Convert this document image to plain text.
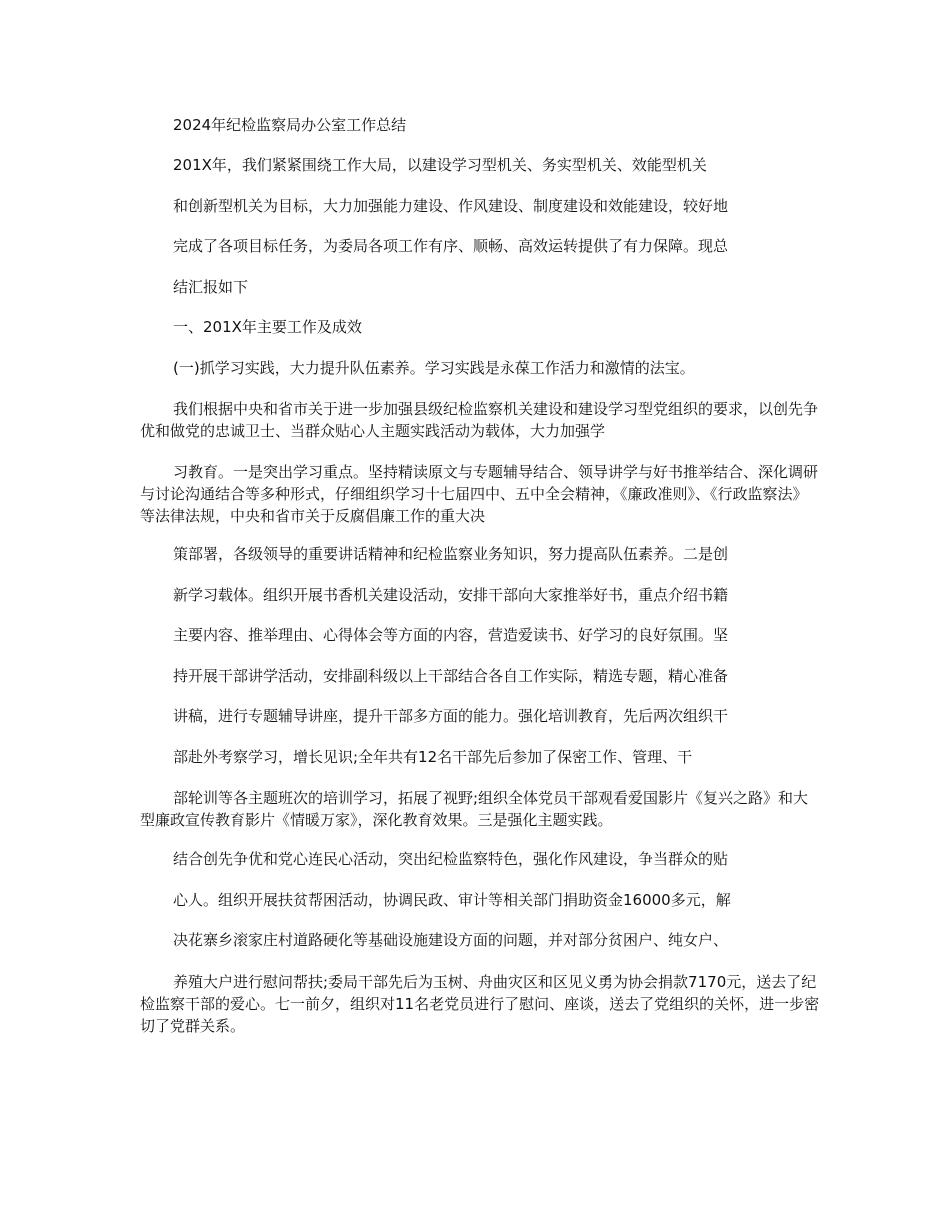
2024年纪检监察局办公室工作总结
201X年，我们紧紧围绕工作大局，以建设学习型机关、务实型机关、效能型机关
和创新型机关为目标，大力加强能力建设、作风建设、制度建设和效能建设，较好地
完成了各项目标任务，为委局各项工作有序、顺畅、高效运转提供了有力保障。现总
结汇报如下
一、201X年主要工作及成效
(一)抓学习实践，大力提升队伍素养。学习实践是永葆工作活力和激情的法宝。
我们根据中央和省市关于进一步加强县级纪检监察机关建设和建设学习型党组织的要求，以创先争优和做党的忠诚卫士、当群众贴心人主题实践活动为载体，大力加强学
习教育。一是突出学习重点。坚持精读原文与专题辅导结合、领导讲学与好书推举结合、深化调研与讨论沟通结合等多种形式，仔细组织学习十七届四中、五中全会精神，《廉政准则》、《行政监察法》等法律法规，中央和省市关于反腐倡廉工作的重大决
策部署，各级领导的重要讲话精神和纪检监察业务知识，努力提高队伍素养。二是创
新学习载体。组织开展书香机关建设活动，安排干部向大家推举好书，重点介绍书籍
主要内容、推举理由、心得体会等方面的内容，营造爱读书、好学习的良好氛围。坚
持开展干部讲学活动，安排副科级以上干部结合各自工作实际，精选专题，精心准备
讲稿，进行专题辅导讲座，提升干部多方面的能力。强化培训教育，先后两次组织干
部赴外考察学习，增长见识;全年共有12名干部先后参加了保密工作、管理、干
部轮训等各主题班次的培训学习，拓展了视野;组织全体党员干部观看爱国影片《复兴之路》和大型廉政宣传教育影片《情暖万家》，深化教育效果。三是强化主题实践。
结合创先争优和党心连民心活动，突出纪检监察特色，强化作风建设，争当群众的贴
心人。组织开展扶贫帮困活动，协调民政、审计等相关部门捐助资金16000多元，解
决花寨乡滚家庄村道路硬化等基础设施建设方面的问题，并对部分贫困户、纯女户、
养殖大户进行慰问帮扶;委局干部先后为玉树、舟曲灾区和区见义勇为协会捐款7170元，送去了纪检监察干部的爱心。七一前夕，组织对11名老党员进行了慰问、座谈，送去了党组织的关怀，进一步密切了党群关系。
